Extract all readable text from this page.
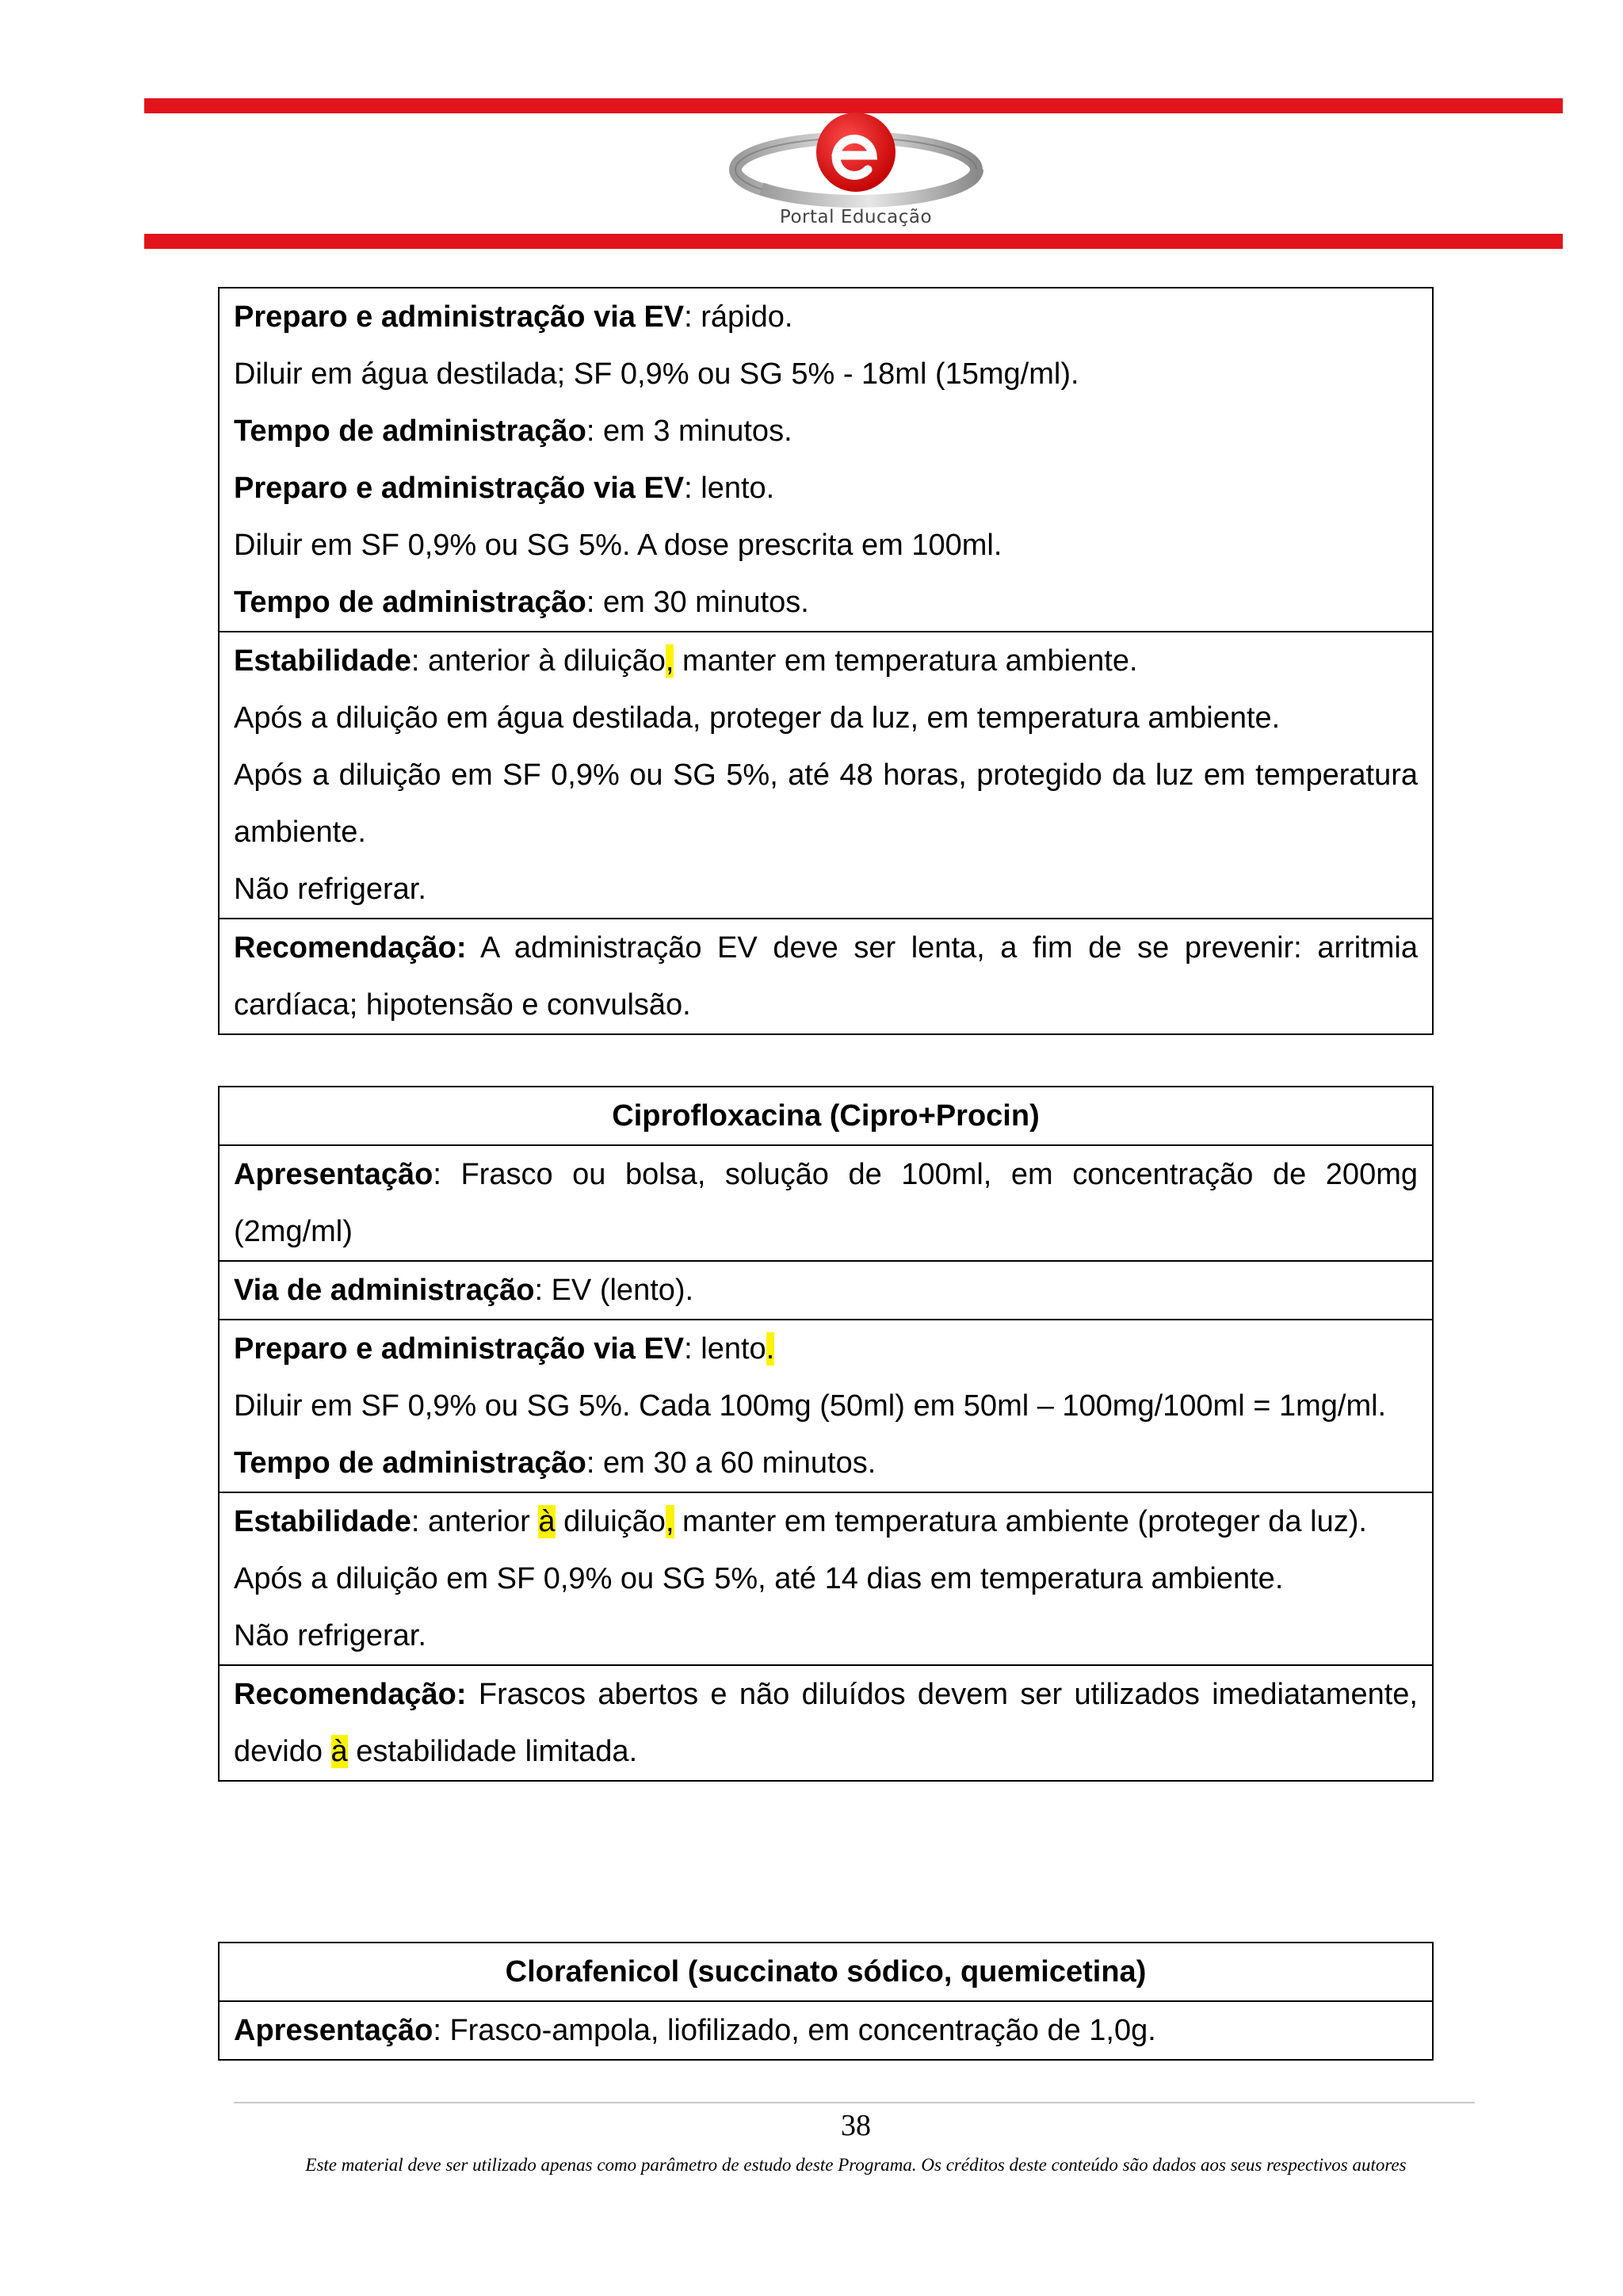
Portal Educação

Preparo e administração via EV: rápido.

Diluir em água destilada; SF 0,9% ou SG 5% - 18ml (15mg/ml).

Tempo de administração: em 3 minutos.

Preparo e administração via EV: lento.

Diluir em SF 0,9% ou SG 5%. A dose prescrita em 100ml.

Tempo de administração: em 30 minutos.

Estabilidade: anterior à diluição, manter em temperatura ambiente.

Após a diluição em água destilada, proteger da luz, em temperatura ambiente.

Após a diluição em SF 0,9% ou SG 5%, até 48 horas, protegido da luz em temperatura ambiente.

Não refrigerar.

Recomendação: A administração EV deve ser lenta, a fim de se prevenir: arritmia cardíaca; hipotensão e convulsão.

Ciprofloxacina (Cipro+Procin)

Apresentação: Frasco ou bolsa, solução de 100ml, em concentração de 200mg (2mg/ml)

Via de administração: EV (lento).

Preparo e administração via EV: lento.

Diluir em SF 0,9% ou SG 5%. Cada 100mg (50ml) em 50ml – 100mg/100ml = 1mg/ml.

Tempo de administração: em 30 a 60 minutos.

Estabilidade: anterior à diluição, manter em temperatura ambiente (proteger da luz).

Após a diluição em SF 0,9% ou SG 5%, até 14 dias em temperatura ambiente.

Não refrigerar.

Recomendação: Frascos abertos e não diluídos devem ser utilizados imediatamente, devido à estabilidade limitada.

Clorafenicol (succinato sódico, quemicetina)

Apresentação: Frasco-ampola, liofilizado, em concentração de 1,0g.

38
Este material deve ser utilizado apenas como parâmetro de estudo deste Programa. Os créditos deste conteúdo são dados aos seus respectivos autores
